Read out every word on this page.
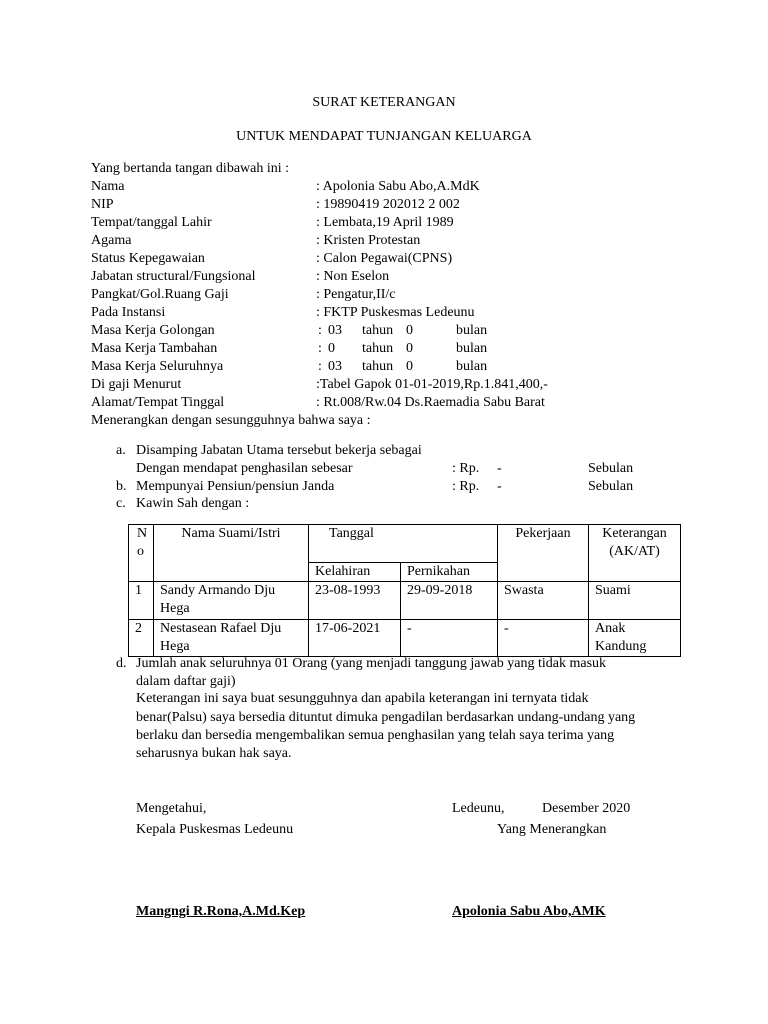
SURAT KETERANGAN
UNTUK MENDAPAT TUNJANGAN KELUARGA
Yang bertanda tangan dibawah ini :
Nama	: Apolonia Sabu Abo,A.MdK
NIP	: 19890419 202012 2 002
Tempat/tanggal Lahir	: Lembata,19 April 1989
Agama	: Kristen Protestan
Status Kepegawaian	: Calon Pegawai(CPNS)
Jabatan structural/Fungsional	: Non Eselon
Pangkat/Gol.Ruang Gaji	: Pengatur,II/c
Pada Instansi	: FKTP Puskesmas Ledeunu
Masa Kerja Golongan	: 03 tahun 0	bulan
Masa Kerja Tambahan	: 0 tahun 0	bulan
Masa Kerja Seluruhnya	: 03 tahun 0	bulan
Di gaji Menurut	:Tabel Gapok 01-01-2019,Rp.1.841,400,-
Alamat/Tempat Tinggal	: Rt.008/Rw.04 Ds.Raemadia Sabu Barat
Menerangkan dengan sesungguhnya bahwa saya :
a. Disamping Jabatan Utama tersebut bekerja sebagai
Dengan mendapat penghasilan sebesar	: Rp. -	Sebulan
b. Mempunyai Pensiun/pensiun Janda	: Rp. -	Sebulan
c. Kawin Sah dengan :
No	Nama Suami/Istri	Tanggal		Pekerjaan	Keterangan (AK/AT)
		Kelahiran	Pernikahan		
1	Sandy Armando Dju Hega	23-08-1993	29-09-2018	Swasta	Suami
2	Nestasean Rafael Dju Hega	17-06-2021	-	-	Anak Kandung
d. Jumlah anak seluruhnya 01 Orang (yang menjadi tanggung jawab yang tidak masuk
dalam daftar gaji)
Keterangan ini saya buat sesungguhnya dan apabila keterangan ini ternyata tidak
benar(Palsu) saya bersedia dituntut dimuka pengadilan berdasarkan undang-undang yang
berlaku dan bersedia mengembalikan semua penghasilan yang telah saya terima yang
seharusnya bukan hak saya.
Mengetahui,	Ledeunu,	Desember 2020
Kepala Puskesmas Ledeunu	Yang Menerangkan
Mangngi R.Rona,A.Md.Kep	Apolonia Sabu Abo,AMK
